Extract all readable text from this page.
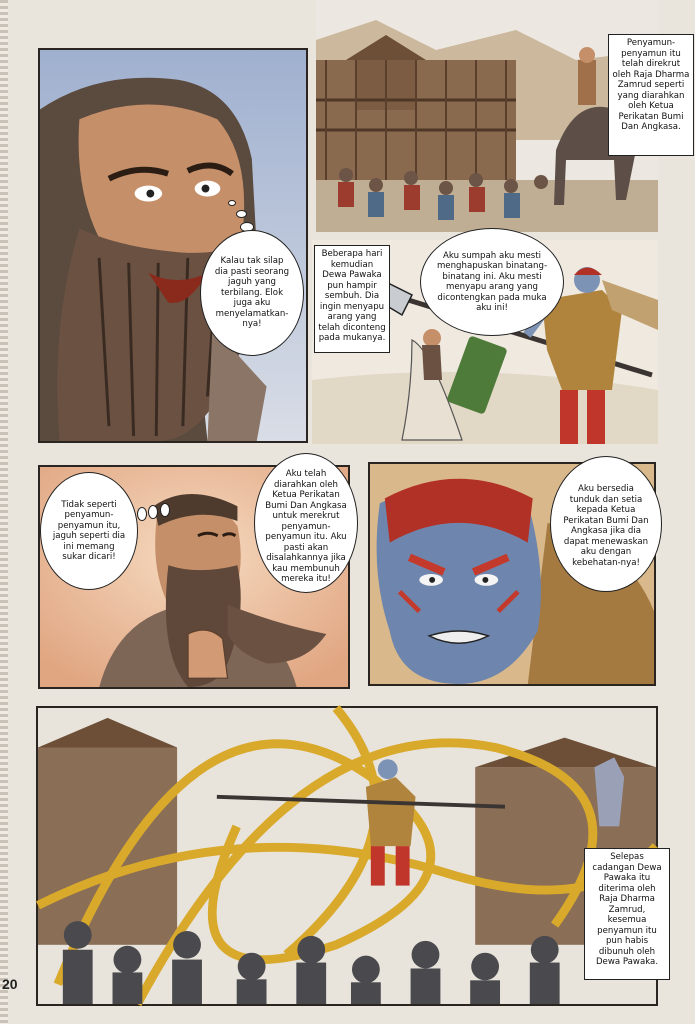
Kalau tak silap dia pasti seorang jaguh yang terbilang. Elok juga aku menyelamatkan-nya!
Penyamun-penyamun itu telah direkrut oleh Raja Dharma Zamrud seperti yang diarahkan oleh Ketua Perikatan Bumi Dan Angkasa.
Beberapa hari kemudian Dewa Pawaka pun hampir sembuh. Dia ingin menyapu arang yang telah diconteng pada mukanya.
Aku sumpah aku mesti menghapuskan binatang-binatang ini. Aku mesti menyapu arang yang dicontengkan pada muka aku ini!
Tidak seperti penyamun-penyamun itu, jaguh seperti dia ini memang sukar dicari!
Aku telah diarahkan oleh Ketua Perikatan Bumi Dan Angkasa untuk merekrut penyamun-penyamun itu. Aku pasti akan disalahkannya jika kau membunuh mereka itu!
Aku bersedia tunduk dan setia kepada Ketua Perikatan Bumi Dan Angkasa jika dia dapat menewaskan aku dengan kebehatan-nya!
Selepas cadangan Dewa Pawaka itu diterima oleh Raja Dharma Zamrud, kesemua penyamun itu pun habis dibunuh oleh Dewa Pawaka.
20
